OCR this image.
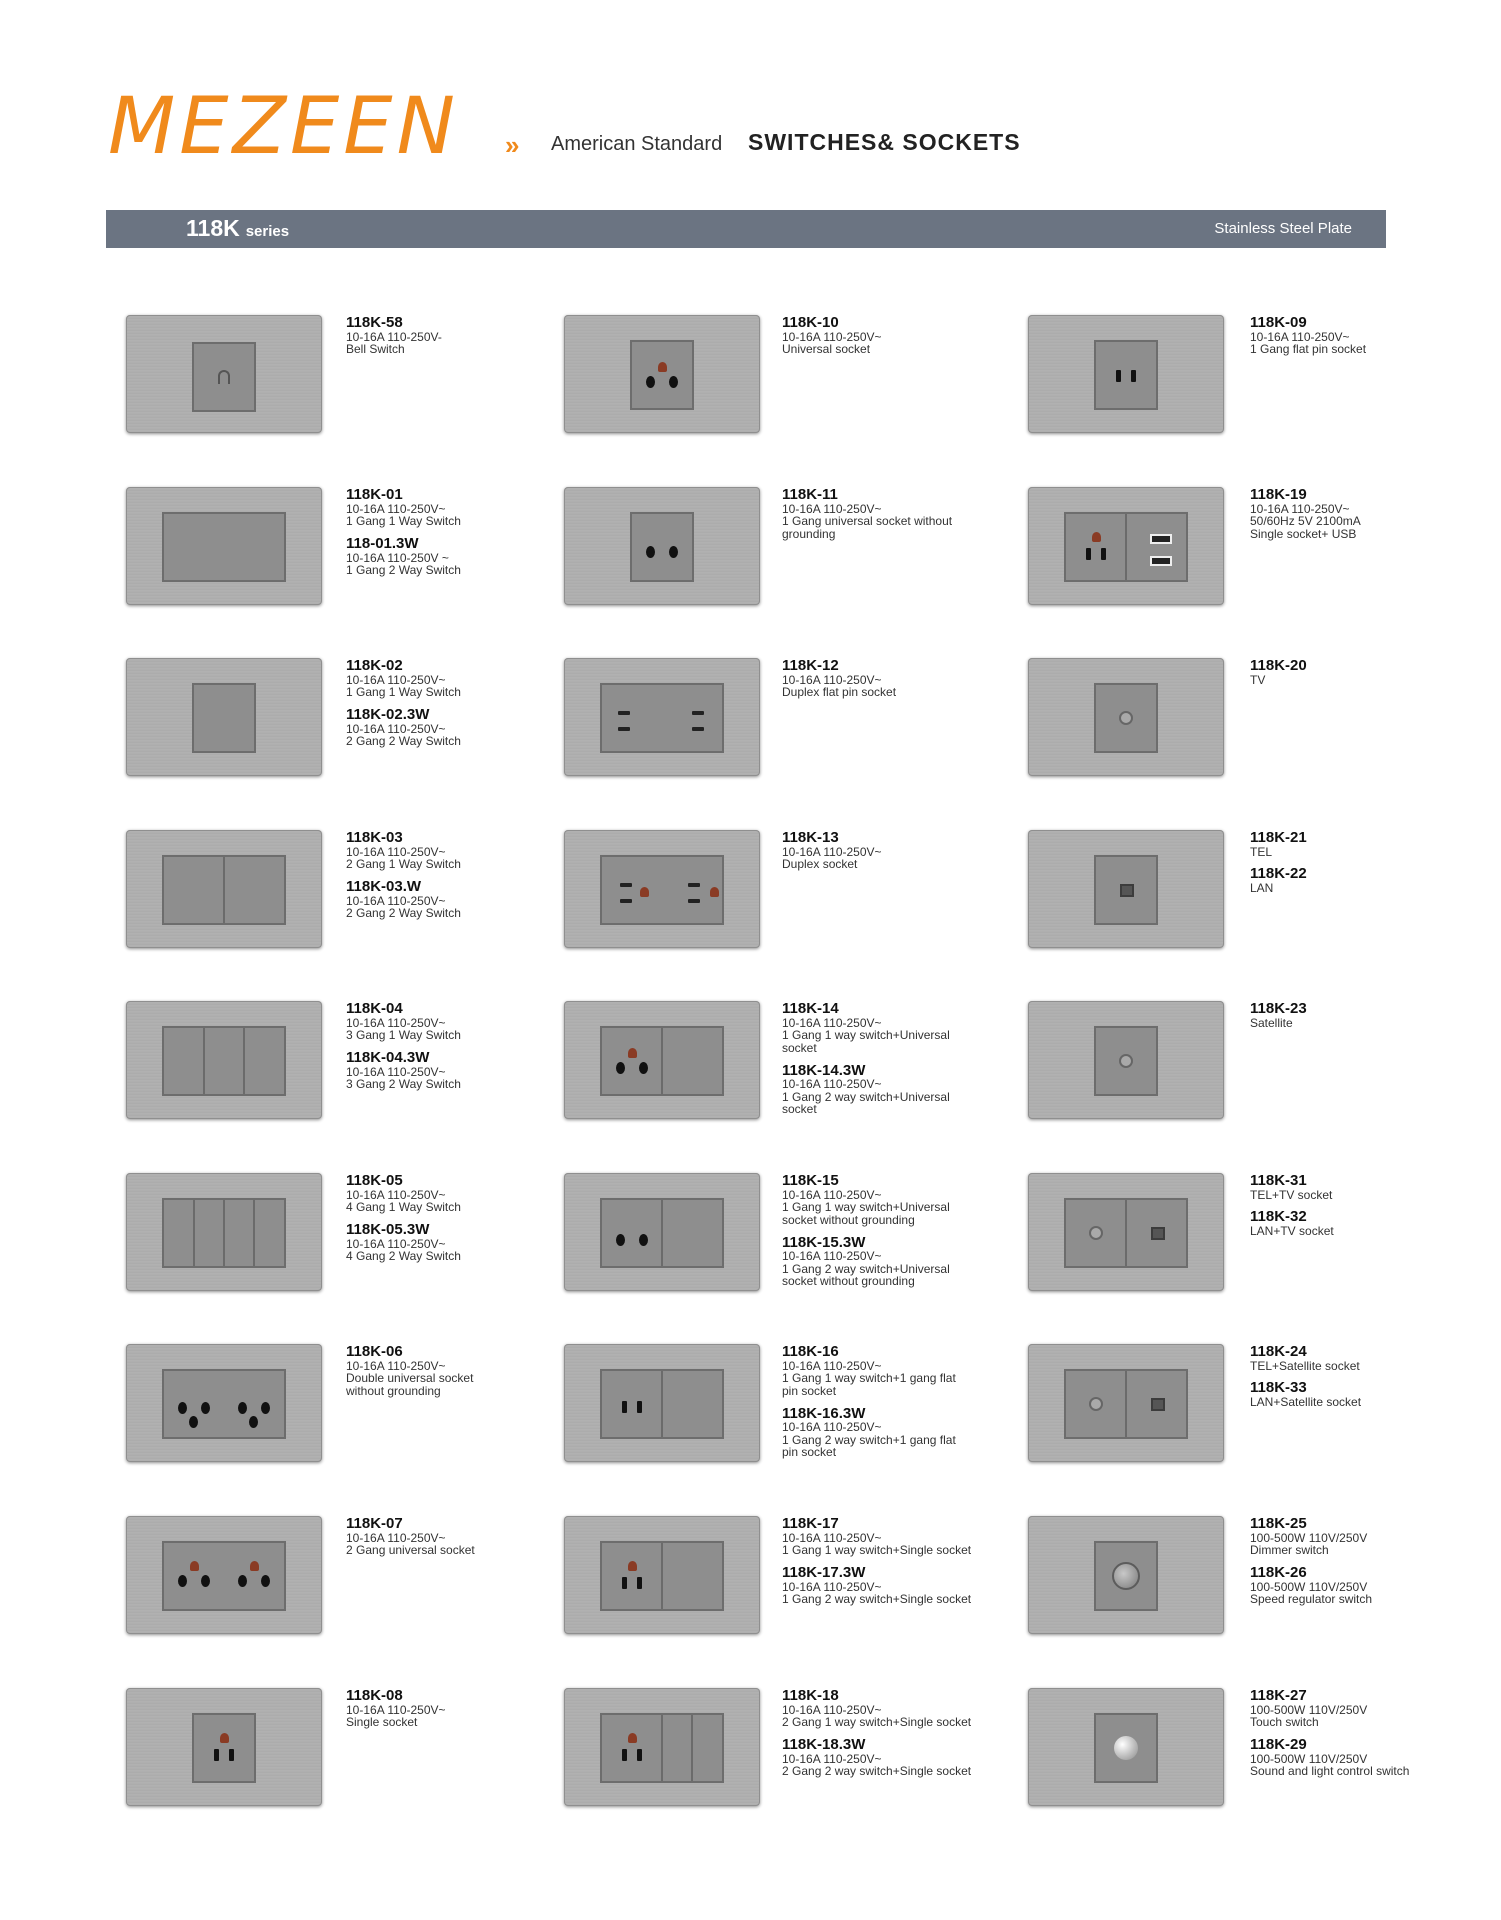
MEZEEN » American Standard SWITCHES& SOCKETS
118K series	Stainless Steel Plate
118K-58
10-16A 110-250V-
Bell Switch
118K-01
10-16A 110-250V~
1 Gang 1 Way Switch
118-01.3W
10-16A 110-250V ~
1 Gang 2 Way Switch
118K-02
10-16A 110-250V~
1 Gang 1 Way Switch
118K-02.3W
10-16A 110-250V~
2 Gang 2 Way Switch
118K-03
10-16A 110-250V~
2 Gang 1 Way Switch
118K-03.W
10-16A 110-250V~
2 Gang 2 Way Switch
118K-04
10-16A 110-250V~
3 Gang 1 Way Switch
118K-04.3W
10-16A 110-250V~
3 Gang 2 Way Switch
118K-05
10-16A 110-250V~
4 Gang 1 Way Switch
118K-05.3W
10-16A 110-250V~
4 Gang 2 Way Switch
118K-06
10-16A 110-250V~
Double universal socket
without grounding
118K-07
10-16A 110-250V~
2 Gang universal socket
118K-08
10-16A 110-250V~
Single socket
118K-10
10-16A 110-250V~
Universal socket
118K-11
10-16A 110-250V~
1 Gang universal socket without
grounding
118K-12
10-16A 110-250V~
Duplex flat pin socket
118K-13
10-16A 110-250V~
Duplex socket
118K-14
10-16A 110-250V~
1 Gang 1 way switch+Universal
socket
118K-14.3W
10-16A 110-250V~
1 Gang 2 way switch+Universal
socket
118K-15
10-16A 110-250V~
1 Gang 1 way switch+Universal
socket without grounding
118K-15.3W
10-16A 110-250V~
1 Gang 2 way switch+Universal
socket without grounding
118K-16
10-16A 110-250V~
1 Gang 1 way switch+1 gang flat
pin socket
118K-16.3W
10-16A 110-250V~
1 Gang 2 way switch+1 gang flat
pin socket
118K-17
10-16A 110-250V~
1 Gang 1 way switch+Single socket
118K-17.3W
10-16A 110-250V~
1 Gang 2 way switch+Single socket
118K-18
10-16A 110-250V~
2 Gang 1 way switch+Single socket
118K-18.3W
10-16A 110-250V~
2 Gang 2 way switch+Single socket
118K-09
10-16A 110-250V~
1 Gang flat pin socket
118K-19
10-16A 110-250V~
50/60Hz 5V 2100mA
Single socket+ USB
118K-20
TV
118K-21
TEL
118K-22
LAN
118K-23
Satellite
118K-31
TEL+TV socket
118K-32
LAN+TV socket
118K-24
TEL+Satellite socket
118K-33
LAN+Satellite socket
118K-25
100-500W 110V/250V
Dimmer switch
118K-26
100-500W 110V/250V
Speed regulator switch
118K-27
100-500W 110V/250V
Touch switch
118K-29
100-500W 110V/250V
Sound and light control switch
